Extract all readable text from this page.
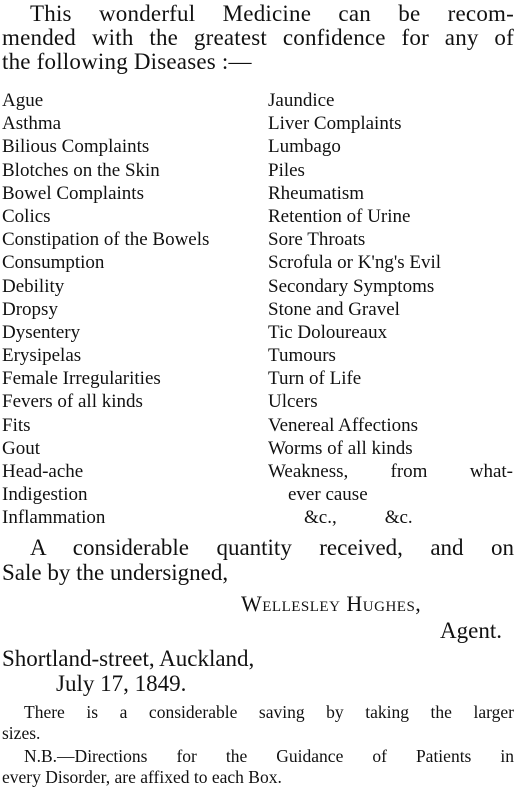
This wonderful Medicine can be recom-
mended with the greatest confidence for any of
the following Diseases :—
Ague
Asthma
Bilious Complaints
Blotches on the Skin
Bowel Complaints
Colics
Constipation of the Bowels
Consumption
Debility
Dropsy
Dysentery
Erysipelas
Female Irregularities
Fevers of all kinds
Fits
Gout
Head-ache
Indigestion
Inflammation
Jaundice
Liver Complaints
Lumbago
Piles
Rheumatism
Retention of Urine
Sore Throats
Scrofula or K'ng's Evil
Secondary Symptoms
Stone and Gravel
Tic Doloureaux
Tumours
Turn of Life
Ulcers
Venereal Affections
Worms of all kinds
Weakness, from what-
ever cause
&c.,	&c.
A considerable quantity received, and on
Sale by the undersigned,
Wellesley Hughes,
Agent.
Shortland-street, Auckland,
July 17, 1849.
There is a considerable saving by taking the larger
sizes.
N.B.—Directions for the Guidance of Patients in
every Disorder, are affixed to each Box.
